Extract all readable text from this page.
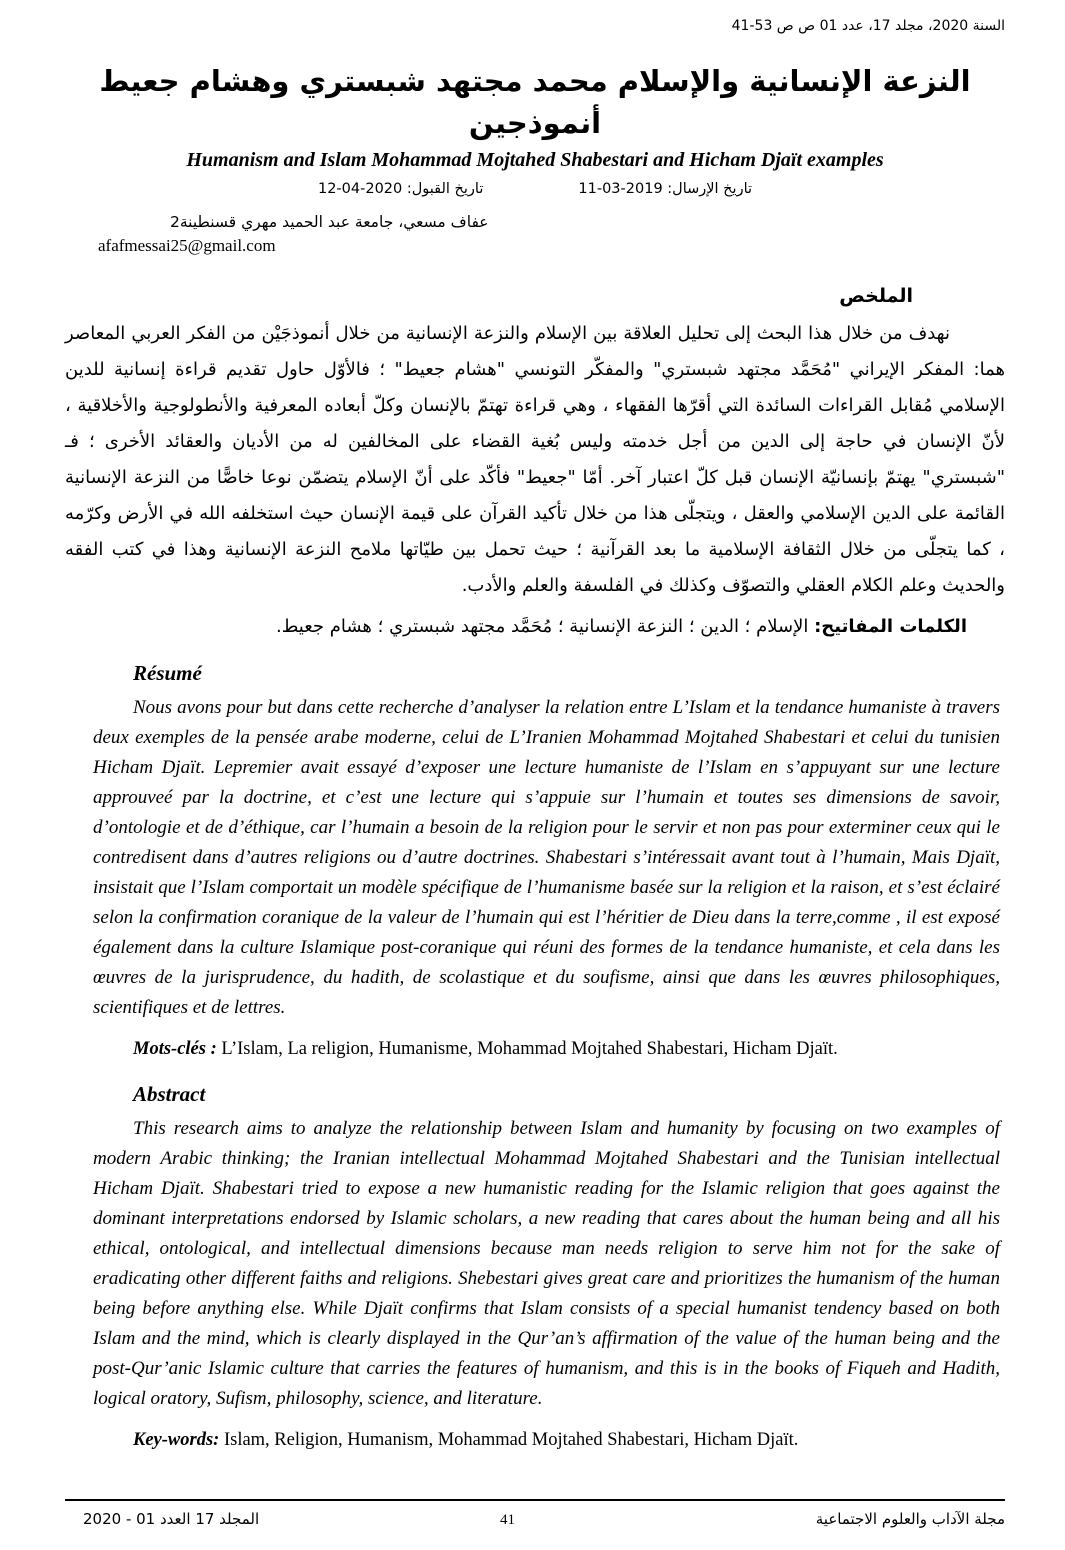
السنة 2020، مجلد 17، عدد 01 ص ص 53-41
النزعة الإنسانية والإسلام محمد مجتهد شبستري وهشام جعيط أنموذجين
Humanism and Islam Mohammad Mojtahed Shabestari and Hicham Djaït examples
تاريخ الإرسال: 2019-03-11
تاريخ القبول: 2020-04-12
عفاف مسعي، جامعة عبد الحميد مهري قسنطينة2
afafmessai25@gmail.com
الملخص

نهدف من خلال هذا البحث إلى تحليل العلاقة بين الإسلام والنزعة الإنسانية من خلال أنموذجَيْن من الفكر العربي المعاصر هما: المفكر الإيراني "مُحَمَّد مجتهد شبستري" والمفكّر التونسي "هشام جعيط" ؛ فالأوّل حاول تقديم قراءة إنسانية للدين الإسلامي مُقابل القراءات السائدة التي أقرّها الفقهاء ، وهي قراءة تهتمّ بالإنسان وكلّ أبعاده المعرفية والأنطولوجية والأخلاقية ، لأنّ الإنسان في حاجة إلى الدين من أجل خدمته وليس بُغية القضاء على المخالفين له من الأديان والعقائد الأخرى ؛ فـ "شبستري" يهتمّ بإنسانيّة الإنسان قبل كلّ اعتبار آخر. أمّا "جعيط" فأكّد على أنّ الإسلام يتضمّن نوعا خاصًّا من النزعة الإنسانية القائمة على الدين الإسلامي والعقل ، ويتجلّى هذا من خلال تأكيد القرآن على قيمة الإنسان حيث استخلفه الله في الأرض وكرّمه ، كما يتجلّى من خلال الثقافة الإسلامية ما بعد القرآنية ؛ حيث تحمل بين طيّاتها ملامح النزعة الإنسانية وهذا في كتب الفقه والحديث وعلم الكلام العقلي والتصوّف وكذلك في الفلسفة والعلم والأدب.

الكلمات المفاتيح: الإسلام ؛ الدين ؛ النزعة الإنسانية ؛ مُحَمَّد مجتهد شبستري ؛ هشام جعيط.

Résumé

Nous avons pour but dans cette recherche d’analyser la relation entre L’Islam et la tendance humaniste à travers deux exemples de la pensée arabe moderne, celui de L’Iranien Mohammad Mojtahed Shabestari et celui du tunisien Hicham Djaït. Lepremier avait essayé d’exposer une lecture humaniste de l’Islam en s’appuyant sur une lecture approuveé par la doctrine, et c’est une lecture qui s’appuie sur l’humain et toutes ses dimensions de savoir, d’ontologie et de d’éthique, car l’humain a besoin de la religion pour le servir et non pas pour exterminer ceux qui le contredisent dans d’autres religions ou d’autre doctrines. Shabestari s’intéressait avant tout à l’humain, Mais Djaït, insistait que l’Islam comportait un modèle spécifique de l’humanisme basée sur la religion et la raison, et s’est éclairé selon la confirmation coranique de la valeur de l’humain qui est l’héritier de Dieu dans la terre,comme , il est exposé également dans la culture Islamique post-coranique qui réuni des formes de la tendance humaniste, et cela dans les œuvres de la jurisprudence, du hadith, de scolastique et du soufisme, ainsi que dans les œuvres philosophiques, scientifiques et de lettres.

Mots-clés : L’Islam, La religion, Humanisme, Mohammad Mojtahed Shabestari, Hicham Djaït.

Abstract

This research aims to analyze the relationship between Islam and humanity by focusing on two examples of modern Arabic thinking; the Iranian intellectual Mohammad Mojtahed Shabestari and the Tunisian intellectual Hicham Djaït. Shabestari tried to expose a new humanistic reading for the Islamic religion that goes against the dominant interpretations endorsed by Islamic scholars, a new reading that cares about the human being and all his ethical, ontological, and intellectual dimensions because man needs religion to serve him not for the sake of eradicating other different faiths and religions. Shebestari gives great care and prioritizes the humanism of the human being before anything else. While Djaït confirms that Islam consists of a special humanist tendency based on both Islam and the mind, which is clearly displayed in the Qur’an’s affirmation of the value of the human being and the post-Qur’anic Islamic culture that carries the features of humanism, and this is in the books of Fiqueh and Hadith, logical oratory, Sufism, philosophy, science, and literature.

Key-words: Islam, Religion, Humanism, Mohammad Mojtahed Shabestari, Hicham Djaït.

المجلد 17 العدد 01 - 2020	41	مجلة الآداب والعلوم الاجتماعية
